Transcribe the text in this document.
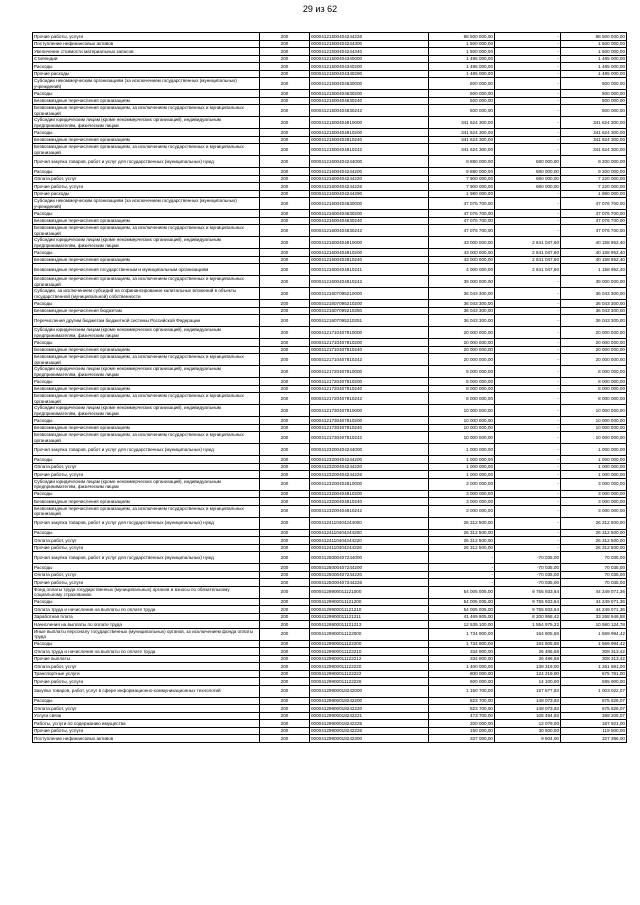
29 из 62
Прочие работы, услуги	200	00004121500404244226	88 500 000,00	-	88 500 000,00
Поступление нефинансовых активов	200	00004121500404244300	1 500 000,00	-	1 500 000,00
Увеличение стоимости материальных запасов	200	00004121500404244340	1 500 000,00	-	1 500 000,00
Стипендии	200	00004121500404340000	1 485 000,00	-	1 485 000,00
Расходы	200	00004121500404340200	1 485 000,00	-	1 485 000,00
Прочие расходы	200	00004121500404340290	1 485 000,00	-	1 485 000,00
Субсидии некоммерческим организациям (за исключением государственных (муниципальных) учреждений)	200	00004121500404630000	500 000,00	-	500 000,00
Расходы	200	00004121500404630200	500 000,00	-	500 000,00
Безвозмездные перечисления организациям	200	00004121500404630240	500 000,00	-	500 000,00
Безвозмездные перечисления организациям, за исключением государственных и муниципальных организаций	200	00004121500404630242	500 000,00	-	500 000,00
Субсидии юридическим лицам (кроме некоммерческих организаций), индивидуальным предпринимателям, физическим лицам	200	00004121500404810000	341 624 300,00	-	341 624 300,00
Расходы	200	00004121500404810200	341 624 300,00	-	341 624 300,00
Безвозмездные перечисления организациям	200	00004121500404810240	341 624 300,00	-	341 624 300,00
Безвозмездные перечисления организациям, за исключением государственных и муниципальных организаций	200	00004121500404810242	341 624 300,00	-	341 624 300,00
Прочая закупка товаров, работ и услуг для государственных (муниципальных) нужд	200	00004121600404244000	9 880 000,00	680 000,00	9 200 000,00
Расходы	200	00004121600404244200	9 880 000,00	680 000,00	9 200 000,00
Оплата работ, услуг	200	00004121600404244220	7 900 000,00	680 000,00	7 220 000,00
Прочие работы, услуги	200	00004121600404244226	7 900 000,00	680 000,00	7 220 000,00
Прочие расходы	200	00004121600404244290	1 980 000,00	-	1 980 000,00
Субсидии некоммерческим организациям (за исключением государственных (муниципальных) учреждений)	200	00004121600404630000	47 076 700,00	-	47 076 700,00
Расходы	200	00004121600404630200	47 076 700,00	-	47 076 700,00
Безвозмездные перечисления организациям	200	00004121600404630240	47 076 700,00	-	47 076 700,00
Безвозмездные перечисления организациям, за исключением государственных и муниципальных организаций	200	00004121600404630242	47 076 700,00	-	47 076 700,00
Субсидии юридическим лицам (кроме некоммерческих организаций), индивидуальным предпринимателям, физическим лицам	200	00004121600404810000	43 000 000,00	2 841 047,60	40 158 952,40
Расходы	200	00004121600404810200	43 000 000,00	2 841 047,60	40 158 952,40
Безвозмездные перечисления организациям	200	00004121600404810240	43 000 000,00	2 841 047,60	40 158 952,40
Безвозмездные перечисления государственным и муниципальным организациям	200	00004121600404810241	4 000 000,00	2 841 047,60	1 158 952,40
Безвозмездные перечисления организациям, за исключением государственных и муниципальных организаций	200	00004121600404810242	39 000 000,00	-	39 000 000,00
Субсидии, за исключением субсидий на софинансирование капитальных вложений в объекты государственной (муниципальной) собственности	200	00004121607095210000	36 043 300,00	-	36 043 300,00
Расходы	200	00004121607095210200	36 043 300,00	-	36 043 300,00
Безвозмездные перечисления бюджетам	200	00004121607095210250	36 043 300,00	-	36 043 300,00
Перечисления другим бюджетам бюджетной системы Российской Федерации	200	00004121607095210251	36 043 300,00	-	36 043 300,00
Субсидии юридическим лицам (кроме некоммерческих организаций), индивидуальным предпринимателям, физическим лицам	200	00004121710407810000	20 000 000,00	-	20 000 000,00
Расходы	200	00004121710407810200	20 000 000,00	-	20 000 000,00
Безвозмездные перечисления организациям	200	00004121710407810240	20 000 000,00	-	20 000 000,00
Безвозмездные перечисления организациям, за исключением государственных и муниципальных организаций	200	00004121710407810242	20 000 000,00	-	20 000 000,00
Субсидии юридическим лицам (кроме некоммерческих организаций), индивидуальным предпринимателям, физическим лицам	200	00004121720407810000	8 000 000,00	-	8 000 000,00
Расходы	200	00004121720407810200	8 000 000,00	-	8 000 000,00
Безвозмездные перечисления организациям	200	00004121720407810240	8 000 000,00	-	8 000 000,00
Безвозмездные перечисления организациям, за исключением государственных и муниципальных организаций	200	00004121720407810242	8 000 000,00	-	8 000 000,00
Субсидии юридическим лицам (кроме некоммерческих организаций), индивидуальным предпринимателям, физическим лицам	200	00004121730407810000	10 000 000,00	-	10 000 000,00
Расходы	200	00004121730407810200	10 000 000,00	-	10 000 000,00
Безвозмездные перечисления организациям	200	00004121730407810240	10 000 000,00	-	10 000 000,00
Безвозмездные перечисления организациям, за исключением государственных и муниципальных организаций	200	00004121730407810242	10 000 000,00	-	10 000 000,00
Прочая закупка товаров, работ и услуг для государственных (муниципальных) нужд	200	00004123200404244000	1 000 000,00	-	1 000 000,00
Расходы	200	00004123200404244200	1 000 000,00	-	1 000 000,00
Оплата работ, услуг	200	00004123200404244220	1 000 000,00	-	1 000 000,00
Прочие работы, услуги	200	00004123200404244226	1 000 000,00	-	1 000 000,00
Субсидии юридическим лицам (кроме некоммерческих организаций), индивидуальным предпринимателям, физическим лицам	200	00004123200404810000	3 000 000,00	-	3 000 000,00
Расходы	200	00004123200404810200	3 000 000,00	-	3 000 000,00
Безвозмездные перечисления организациям	200	00004123200404810240	3 000 000,00	-	3 000 000,00
Безвозмездные перечисления организациям, за исключением государственных и муниципальных организаций	200	00004123200404810242	3 000 000,00	-	3 000 000,00
Прочая закупка товаров, работ и услуг для государственных (муниципальных) нужд	200	00004124110404244000	26 312 500,00	-	26 312 500,00
Расходы	200	00004124110404244200	26 312 500,00	-	26 312 500,00
Оплата работ, услуг	200	00004124110404244220	26 312 500,00	-	26 312 500,00
Прочие работы, услуги	200	00004124110404244226	26 312 500,00	-	26 312 500,00
Прочая закупка товаров, работ и услуг для государственных (муниципальных) нужд	200	00004125000407244000	-	-70 035,00	70 035,00
Расходы	200	00004125000407244200	-	-70 035,00	70 035,00
Оплата работ, услуг	200	00004125000407244220	-	-70 035,00	70 035,00
Прочие работы, услуги	200	00004125000407244226	-	-70 035,00	70 035,00
Фонд оплаты труда государственных (муниципальных) органов и взносы по обязательному социальному страхованию	200	00004129900011121000	54 005 005,00	9 755 933,64	44 249 071,36
Расходы	200	00004129900011121200	54 005 005,00	9 755 933,64	44 249 071,36
Оплата труда и начисления на выплаты по оплате труда	200	00004129900011121210	54 005 005,00	9 755 933,64	44 249 071,36
Заработная плата	200	00004129900011121211	41 469 905,00	8 200 958,42	33 268 946,58
Начисления на выплаты по оплате труда	200	00004129900011121213	12 535 100,00	1 554 975,22	10 980 124,78
Иные выплаты персоналу государственных (муниципальных) органов, за исключением фонда оплаты труда	200	00004129900011122000	1 734 800,00	164 805,58	1 569 994,42
Расходы	200	00004129900011122200	1 734 800,00	164 805,58	1 569 994,42
Оплата труда и начисления на выплаты по оплате труда	200	00004129900011122210	334 800,00	26 486,58	308 313,42
Прочие выплаты	200	00004129900011122212	334 800,00	26 486,58	308 313,42
Оплата работ, услуг	200	00004129900011122220	1 400 000,00	138 319,00	1 261 681,00
Транспортные услуги	200	00004129900011122222	800 000,00	124 219,00	675 781,00
Прочие работы, услуги	200	00004129900011122226	600 000,00	14 100,00	585 900,00
Закупка товаров, работ, услуг в сфере информационно-коммуникационных технологий	200	00004129900018242000	1 160 700,00	157 677,93	1 003 022,07
Расходы	200	00004129900018242200	823 700,00	148 073,93	675 626,07
Оплата работ, услуг	200	00004129900018242220	823 700,00	148 073,93	675 626,07
Услуги связи	200	00004129900018242221	473 700,00	105 494,93	368 205,07
Работы, услуги по содержанию имущества	200	00004129900018242225	200 000,00	12 079,00	187 921,00
Прочие работы, услуги	200	00004129900018242226	150 000,00	30 500,00	119 500,00
Поступление нефинансовых активов	200	00004129900018242300	337 000,00	9 604,00	327 396,00
